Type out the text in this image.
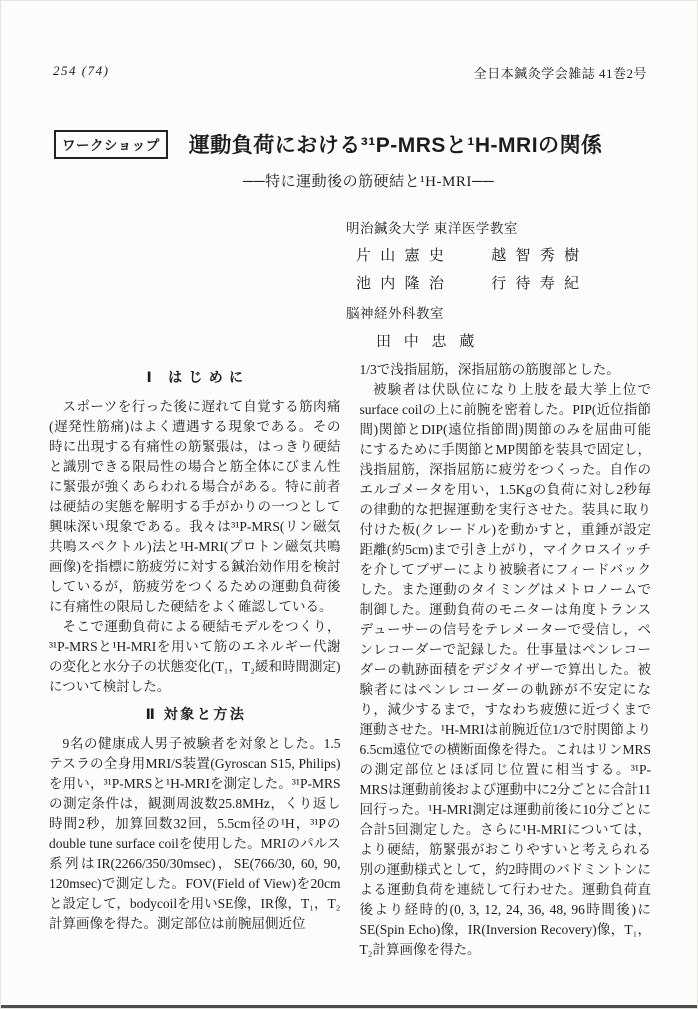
254 (74)	全日本鍼灸学会雑誌 41巻2号
ワークショップ	運動負荷における³¹P-MRSと¹H-MRIの関係
──特に運動後の筋硬結と¹H-MRI──
明治鍼灸大学 東洋医学教室
片山憲史	越智秀樹
池内隆治	行待寿紀
脳神経外科教室
田中忠蔵
Ⅰ はじめに

スポーツを行った後に遅れて自覚する筋肉痛(遅発性筋痛)はよく遭遇する現象である。その時に出現する有痛性の筋緊張は，はっきり硬結と識別できる限局性の場合と筋全体にびまん性に緊張が強くあらわれる場合がある。特に前者は硬結の実態を解明する手がかりの一つとして興味深い現象である。我々は³¹P-MRS(リン磁気共鳴スペクトル)法と¹H-MRI(プロトン磁気共鳴画像)を指標に筋疲労に対する鍼治効作用を検討しているが，筋疲労をつくるための運動負荷後に有痛性の限局した硬結をよく確認している。

そこで運動負荷による硬結モデルをつくり，³¹P-MRSと¹H-MRIを用いて筋のエネルギー代謝の変化と水分子の状態変化(T₁，T₂緩和時間測定)について検討した。

Ⅱ 対象と方法

9名の健康成人男子被験者を対象とした。1.5テスラの全身用MRI/S装置(Gyroscan S15, Philips)を用い，³¹P-MRSと¹H-MRIを測定した。³¹P-MRSの測定条件は，観測周波数25.8MHz，くり返し時間2秒，加算回数32回，5.5cm径の¹H，³¹Pのdouble tune surface coilを使用した。MRIのパルス系列はIR(2266/350/30msec)，SE(766/30, 60, 90, 120msec)で測定した。FOV(Field of View)を20cmと設定して，bodycoilを用いSE像，IR像，T₁，T₂計算画像を得た。測定部位は前腕屈側近位

1/3で浅指屈筋，深指屈筋の筋腹部とした。

被験者は伏臥位になり上肢を最大挙上位でsurface coilの上に前腕を密着した。PIP(近位指節間)関節とDIP(遠位指節間)関節のみを屈曲可能にするために手関節とMP関節を装具で固定し，浅指屈筋，深指屈筋に疲労をつくった。自作のエルゴメータを用い，1.5Kgの負荷に対し2秒毎の律動的な把握運動を実行させた。装具に取り付けた板(クレードル)を動かすと，重錘が設定距離(約5cm)まで引き上がり，マイクロスイッチを介してブザーにより被験者にフィードバックした。また運動のタイミングはメトロノームで制御した。運動負荷のモニターは角度トランスデューサーの信号をテレメーターで受信し，ペンレコーダーで記録した。仕事量はペンレコーダーの軌跡面積をデジタイザーで算出した。被験者にはペンレコーダーの軌跡が不安定になり，減少するまで，すなわち疲憊に近づくまで運動させた。¹H-MRIは前腕近位1/3で肘関節より6.5cm遠位での横断面像を得た。これはリンMRSの測定部位とほぼ同じ位置に相当する。³¹P-MRSは運動前後および運動中に2分ごとに合計11回行った。¹H-MRI測定は運動前後に10分ごとに合計5回測定した。さらに¹H-MRIについては，より硬結，筋緊張がおこりやすいと考えられる別の運動様式として，約2時間のバドミントンによる運動負荷を連続して行わせた。運動負荷直後より経時的(0, 3, 12, 24, 36, 48, 96時間後)にSE(Spin Echo)像，IR(Inversion Recovery)像，T₁，T₂計算画像を得た。
